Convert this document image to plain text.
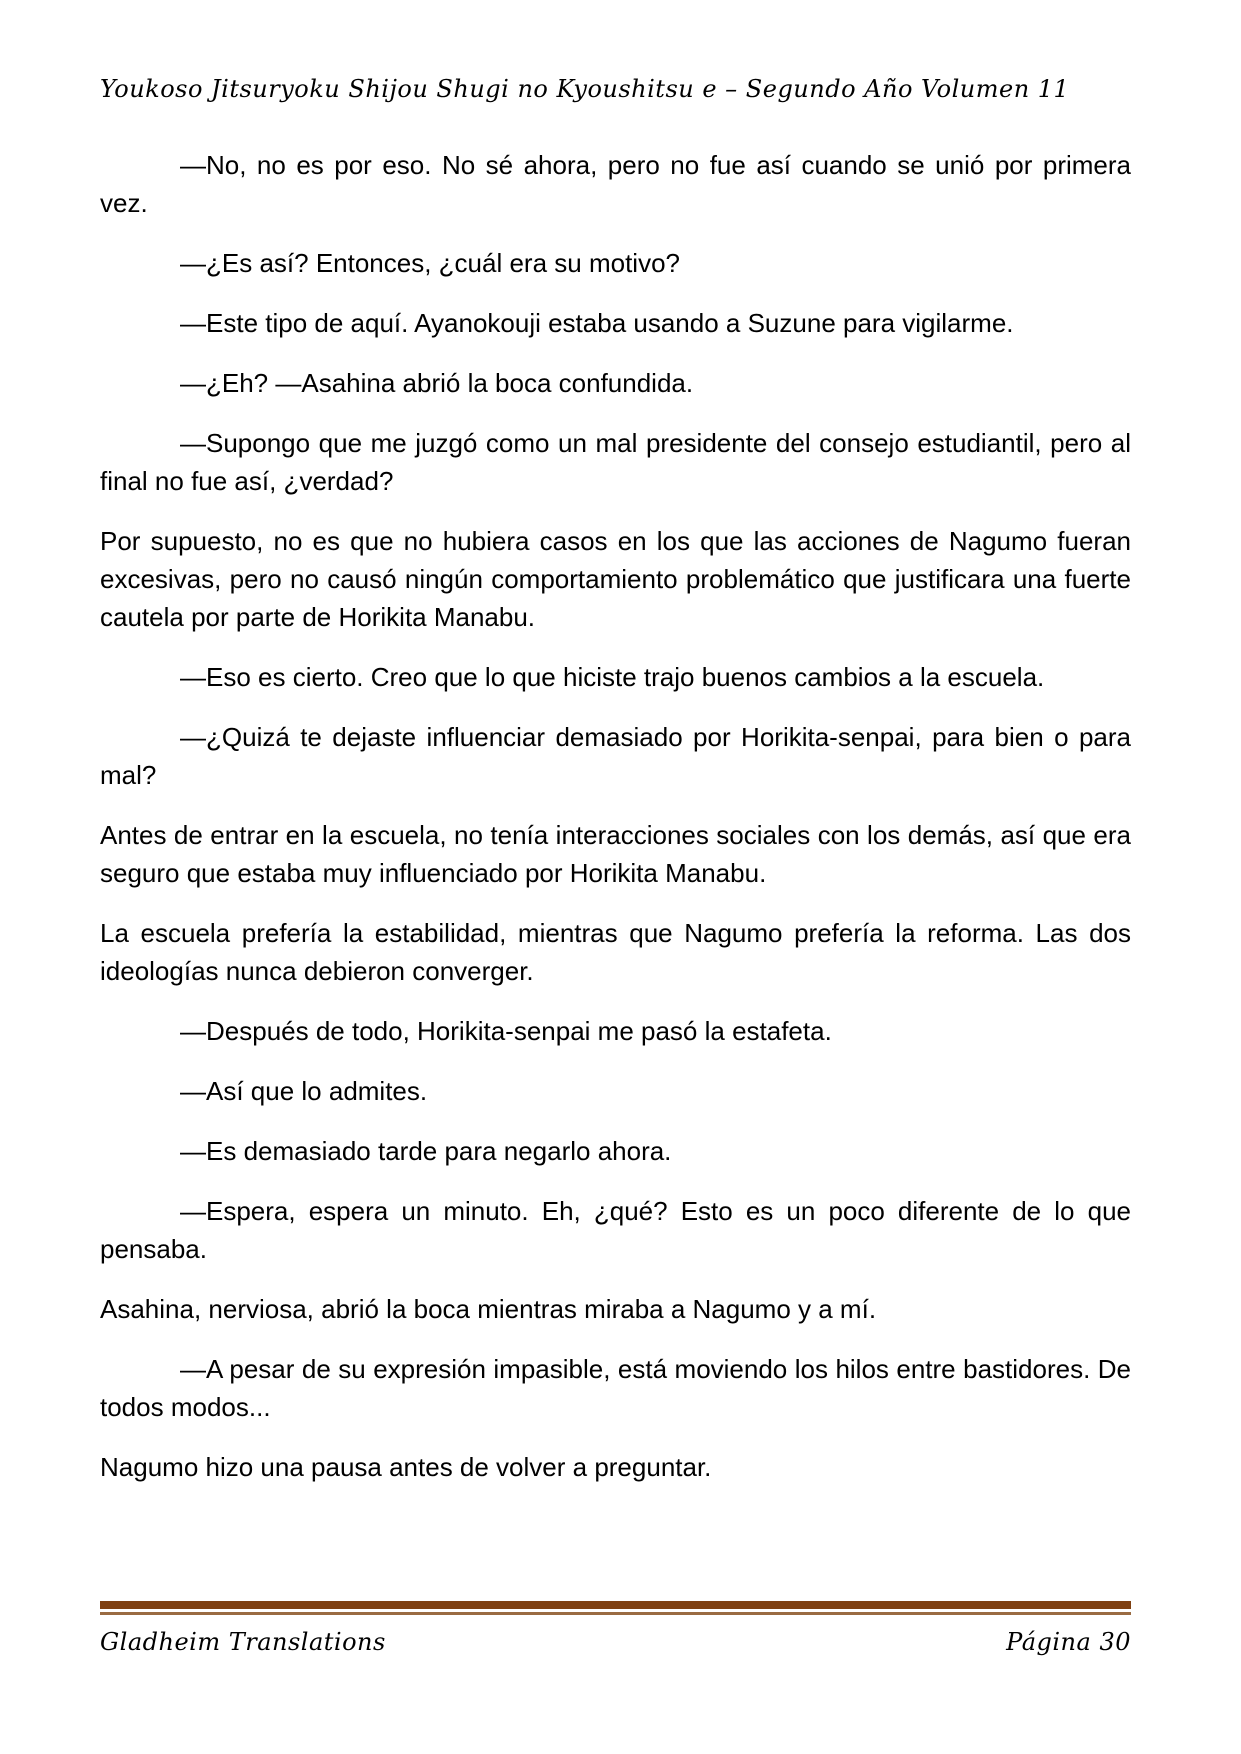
Youkoso Jitsuryoku Shijou Shugi no Kyoushitsu e – Segundo Año Volumen 11

—No, no es por eso. No sé ahora, pero no fue así cuando se unió por primera vez.

—¿Es así? Entonces, ¿cuál era su motivo?

—Este tipo de aquí. Ayanokouji estaba usando a Suzune para vigilarme.

—¿Eh? —Asahina abrió la boca confundida.

—Supongo que me juzgó como un mal presidente del consejo estudiantil, pero al final no fue así, ¿verdad?

Por supuesto, no es que no hubiera casos en los que las acciones de Nagumo fueran excesivas, pero no causó ningún comportamiento problemático que justificara una fuerte cautela por parte de Horikita Manabu.

—Eso es cierto. Creo que lo que hiciste trajo buenos cambios a la escuela.

—¿Quizá te dejaste influenciar demasiado por Horikita-senpai, para bien o para mal?

Antes de entrar en la escuela, no tenía interacciones sociales con los demás, así que era seguro que estaba muy influenciado por Horikita Manabu.

La escuela prefería la estabilidad, mientras que Nagumo prefería la reforma. Las dos ideologías nunca debieron converger.

—Después de todo, Horikita-senpai me pasó la estafeta.

—Así que lo admites.

—Es demasiado tarde para negarlo ahora.

—Espera, espera un minuto. Eh, ¿qué? Esto es un poco diferente de lo que pensaba.

Asahina, nerviosa, abrió la boca mientras miraba a Nagumo y a mí.

—A pesar de su expresión impasible, está moviendo los hilos entre bastidores. De todos modos...

Nagumo hizo una pausa antes de volver a preguntar.

Gladheim Translations	Página 30
